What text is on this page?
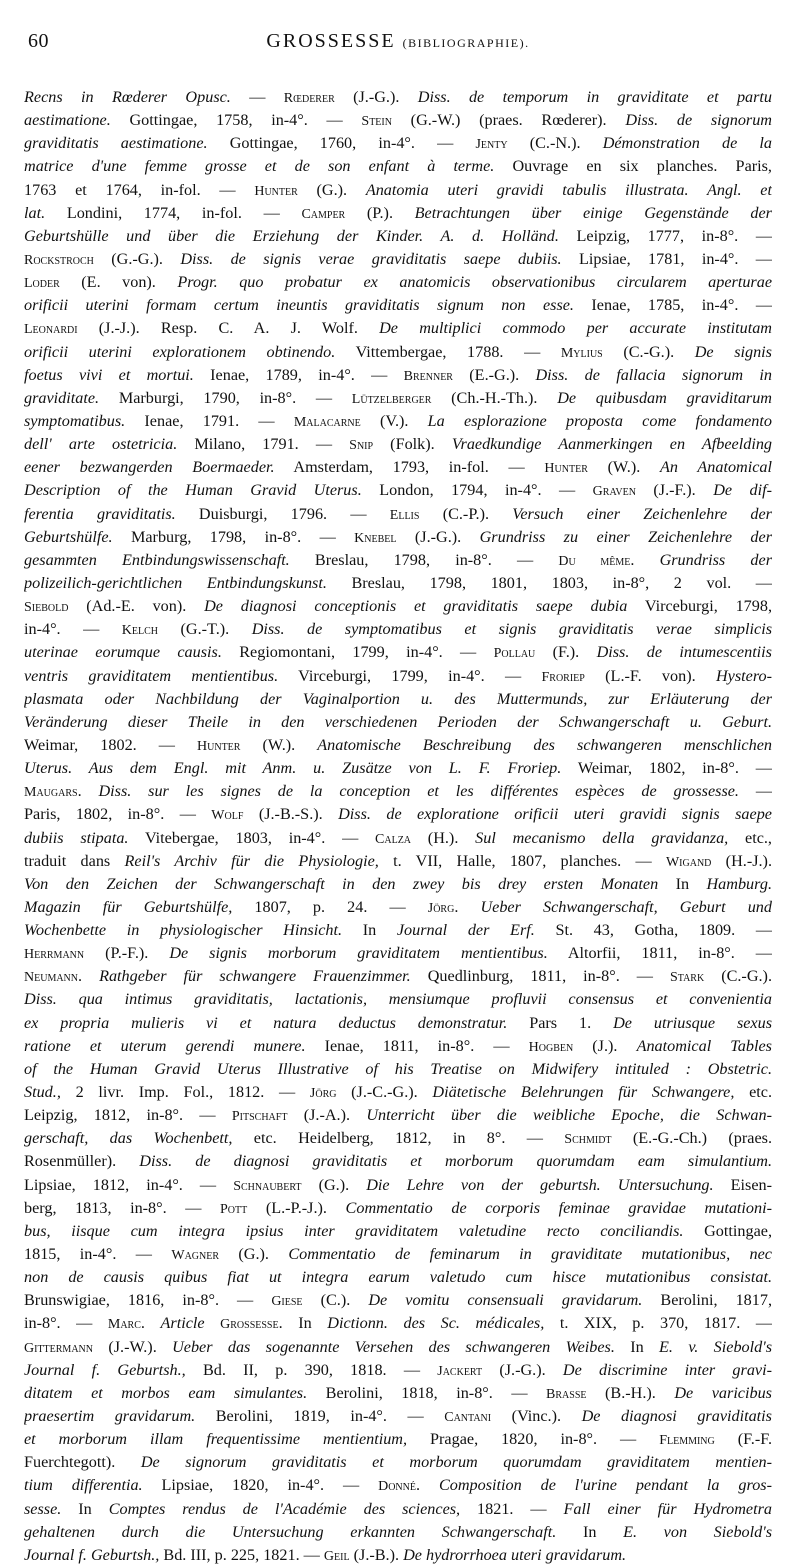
60	GROSSESSE (BIBLIOGRAPHIE).
Recns in Rœderer Opusc. — Rœderer (J.-G.). Diss. de temporum in graviditate et partu
aestimatione. Gottingae, 1758, in-4°. — Stein (G.-W.) (praes. Rœderer). Diss. de signorum
graviditatis aestimatione. Gottingae, 1760, in-4°. — Jenty (C.-N.). Démonstration de la
matrice d'une femme grosse et de son enfant à terme. Ouvrage en six planches. Paris,
1763 et 1764, in-fol. — Hunter (G.). Anatomia uteri gravidi tabulis illustrata. Angl. et
lat. Londini, 1774, in-fol. — Camper (P.). Betrachtungen über einige Gegenstände der
Geburtshülle und über die Erziehung der Kinder. A. d. Holländ. Leipzig, 1777, in-8°. —
Rockstroch (G.-G.). Diss. de signis verae graviditatis saepe dubiis. Lipsiae, 1781, in-4°. —
Loder (E. von). Progr. quo probatur ex anatomicis observationibus circularem aperturae
orificii uterini formam certum ineuntis graviditatis signum non esse. Ienae, 1785, in-4°. —
Leonardi (J.-J.). Resp. C. A. J. Wolf. De multiplici commodo per accurate institutam
orificii uterini explorationem obtinendo. Vittembergae, 1788. — Mylius (C.-G.). De signis
foetus vivi et mortui. Ienae, 1789, in-4°. — Brenner (E.-G.). Diss. de fallacia signorum in
graviditate. Marburgi, 1790, in-8°. — Lützelberger (Ch.-H.-Th.). De quibusdam graviditarum
symptomatibus. Ienae, 1791. — Malacarne (V.). La esplorazione proposta come fondamento
dell' arte ostetricia. Milano, 1791. — Snip (Folk). Vraedkundige Aanmerkingen en Afbeelding
eener bezwangerden Boermaeder. Amsterdam, 1793, in-fol. — Hunter (W.). An Anatomical
Description of the Human Gravid Uterus. London, 1794, in-4°. — Graven (J.-F.). De dif-
ferentia graviditatis. Duisburgi, 1796. — Ellis (C.-P.). Versuch einer Zeichenlehre der
Geburtshülfe. Marburg, 1798, in-8°. — Knebel (J.-G.). Grundriss zu einer Zeichenlehre der
gesammten Entbindungswissenschaft. Breslau, 1798, in-8°. — Du même. Grundriss der
polizeilich-gerichtlichen Entbindungskunst. Breslau, 1798, 1801, 1803, in-8°, 2 vol. —
Siebold (Ad.-E. von). De diagnosi conceptionis et graviditatis saepe dubia Virceburgi, 1798,
in-4°. — Kelch (G.-T.). Diss. de symptomatibus et signis graviditatis verae simplicis
uterinae eorumque causis. Regiomontani, 1799, in-4°. — Pollau (F.). Diss. de intumescentiis
ventris graviditatem mentientibus. Virceburgi, 1799, in-4°. — Froriep (L.-F. von). Hystero-
plasmata oder Nachbildung der Vaginalportion u. des Muttermunds, zur Erläuterung der
Veränderung dieser Theile in den verschiedenen Perioden der Schwangerschaft u. Geburt.
Weimar, 1802. — Hunter (W.). Anatomische Beschreibung des schwangeren menschlichen
Uterus. Aus dem Engl. mit Anm. u. Zusätze von L. F. Froriep. Weimar, 1802, in-8°. —
Maugars. Diss. sur les signes de la conception et les différentes espèces de grossesse. —
Paris, 1802, in-8°. — Wolf (J.-B.-S.). Diss. de exploratione orificii uteri gravidi signis saepe
dubiis stipata. Vitebergae, 1803, in-4°. — Calza (H.). Sul mecanismo della gravidanza, etc.,
traduit dans Reil's Archiv für die Physiologie, t. VII, Halle, 1807, planches. — Wigand (H.-J.).
Von den Zeichen der Schwangerschaft in den zwey bis drey ersten Monaten In Hamburg.
Magazin für Geburtshülfe, 1807, p. 24. — Jörg. Ueber Schwangerschaft, Geburt und
Wochenbette in physiologischer Hinsicht. In Journal der Erf. St. 43, Gotha, 1809. —
Herrmann (P.-F.). De signis morborum graviditatem mentientibus. Altorfii, 1811, in-8°. —
Neumann. Rathgeber für schwangere Frauenzimmer. Quedlinburg, 1811, in-8°. — Stark (C.-G.).
Diss. qua intimus graviditatis, lactationis, mensiumque profluvii consensus et convenientia
ex propria mulieris vi et natura deductus demonstratur. Pars 1. De utriusque sexus
ratione et uterum gerendi munere. Ienae, 1811, in-8°. — Hogben (J.). Anatomical Tables
of the Human Gravid Uterus Illustrative of his Treatise on Midwifery intituled : Obstetric.
Stud., 2 livr. Imp. Fol., 1812. — Jörg (J.-C.-G.). Diätetische Belehrungen für Schwangere, etc.
Leipzig, 1812, in-8°. — Pitschaft (J.-A.). Unterricht über die weibliche Epoche, die Schwan-
gerschaft, das Wochenbett, etc. Heidelberg, 1812, in 8°. — Schmidt (E.-G.-Ch.) (praes.
Rosenmüller). Diss. de diagnosi graviditatis et morborum quorumdam eam simulantium.
Lipsiae, 1812, in-4°. — Schnaubert (G.). Die Lehre von der geburtsh. Untersuchung. Eisen-
berg, 1813, in-8°. — Pott (L.-P.-J.). Commentatio de corporis feminae gravidae mutationi-
bus, iisque cum integra ipsius inter graviditatem valetudine recto conciliandis. Gottingae,
1815, in-4°. — Wagner (G.). Commentatio de feminarum in graviditate mutationibus, nec
non de causis quibus fiat ut integra earum valetudo cum hisce mutationibus consistat.
Brunswigiae, 1816, in-8°. — Giese (C.). De vomitu consensuali gravidarum. Berolini, 1817,
in-8°. — Marc. Article Grossesse. In Dictionn. des Sc. médicales, t. XIX, p. 370, 1817. —
Gittermann (J.-W.). Ueber das sogenannte Versehen des schwangeren Weibes. In E. v. Siebold's
Journal f. Geburtsh., Bd. II, p. 390, 1818. — Jackert (J.-G.). De discrimine inter gravi-
ditatem et morbos eam simulantes. Berolini, 1818, in-8°. — Brasse (B.-H.). De varicibus
praesertim gravidarum. Berolini, 1819, in-4°. — Cantani (Vinc.). De diagnosi graviditatis
et morborum illam frequentissime mentientium, Pragae, 1820, in-8°. — Flemming (F.-F.
Fuerchtegott). De signorum graviditatis et morborum quorumdam graviditatem mentien-
tium differentia. Lipsiae, 1820, in-4°. — Donné. Composition de l'urine pendant la gros-
sesse. In Comptes rendus de l'Académie des sciences, 1821. — Fall einer für Hydrometra
gehaltenen durch die Untersuchung erkannten Schwangerschaft. In E. von Siebold's
Journal f. Geburtsh., Bd. III, p. 225, 1821. — Geil (J.-B.). De hydrorrhoea uteri gravidarum.
